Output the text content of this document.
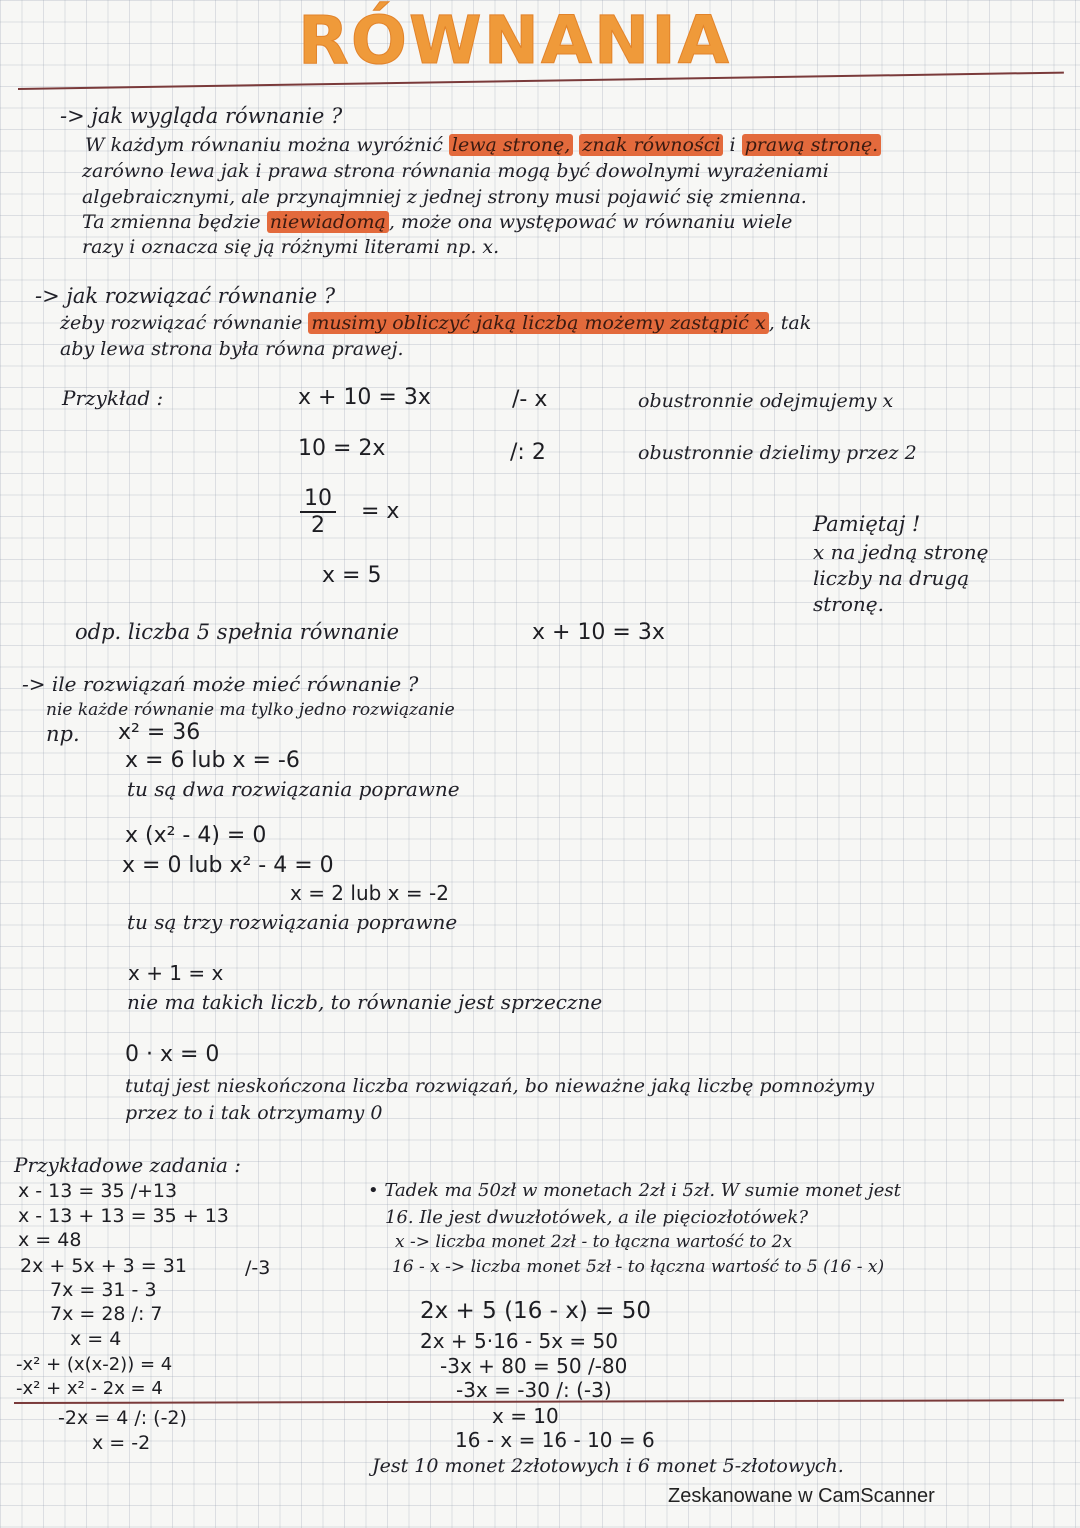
RÓWNANIA
-> jak wygląda równanie ?
W każdym równaniu można wyróżnić lewą stronę, znak równości i prawą stronę.
zarówno lewa jak i prawa strona równania mogą być dowolnymi wyrażeniami
algebraicznymi, ale przynajmniej z jednej strony musi pojawić się zmienna.
Ta zmienna będzie niewiadomą , może ona występować w równaniu wiele
razy i oznacza się ją różnymi literami np. x.
-> jak rozwiązać równanie ?
żeby rozwiązać równanie musimy obliczyć jaką liczbą możemy zastąpić x , tak
aby lewa strona była równa prawej.
Przykład :	x + 10 = 3x	/- x	obustronnie odejmujemy x
10 = 2x	/: 2	obustronnie dzielimy przez 2
$\frac{10}{2} = x$
x = 5
odp. liczba 5 spełnia równanie	x + 10 = 3x
Pamiętaj !
x na jedną stronę
liczby na drugą
stronę.
-> ile rozwiązań może mieć równanie ?
nie każde równanie ma tylko jedno rozwiązanie
np. x² = 36
x = 6 lub x = -6
tu są dwa rozwiązania poprawne
x (x² - 4) = 0
x = 0 lub x² - 4 = 0
x = 2 lub x = -2
tu są trzy rozwiązania poprawne
x + 1 = x
nie ma takich liczb, to równanie jest sprzeczne
0 · x = 0
tutaj jest nieskończona liczba rozwiązań, bo nieważne jaką liczbę pomnożymy
przez to i tak otrzymamy 0
Przykładowe zadania :
x - 13 = 35 /+13
x - 13 + 13 = 35 + 13
x = 48
2x + 5x + 3 = 31	/-3
7x = 31 - 3
7x = 28 /: 7
x = 4
-x² + (x(x-2)) = 4
-x² + x² - 2x = 4
-2x = 4 /: (-2)
x = -2
• Tadek ma 50zł w monetach 2zł i 5zł. W sumie monet jest
16. Ile jest dwuzłotówek, a ile pięciozłotówek?
x -> liczba monet 2zł - to łączna wartość to 2x
16 - x -> liczba monet 5zł - to łączna wartość to 5 (16 - x)
2x + 5 (16 - x) = 50
2x + 5·16 - 5x = 50
-3x + 80 = 50 /-80
-3x = -30 /: (-3)
x = 10
16 - x = 16 - 10 = 6
Jest 10 monet 2złotowych i 6 monet 5-złotowych.
Zeskanowane w CamScanner
